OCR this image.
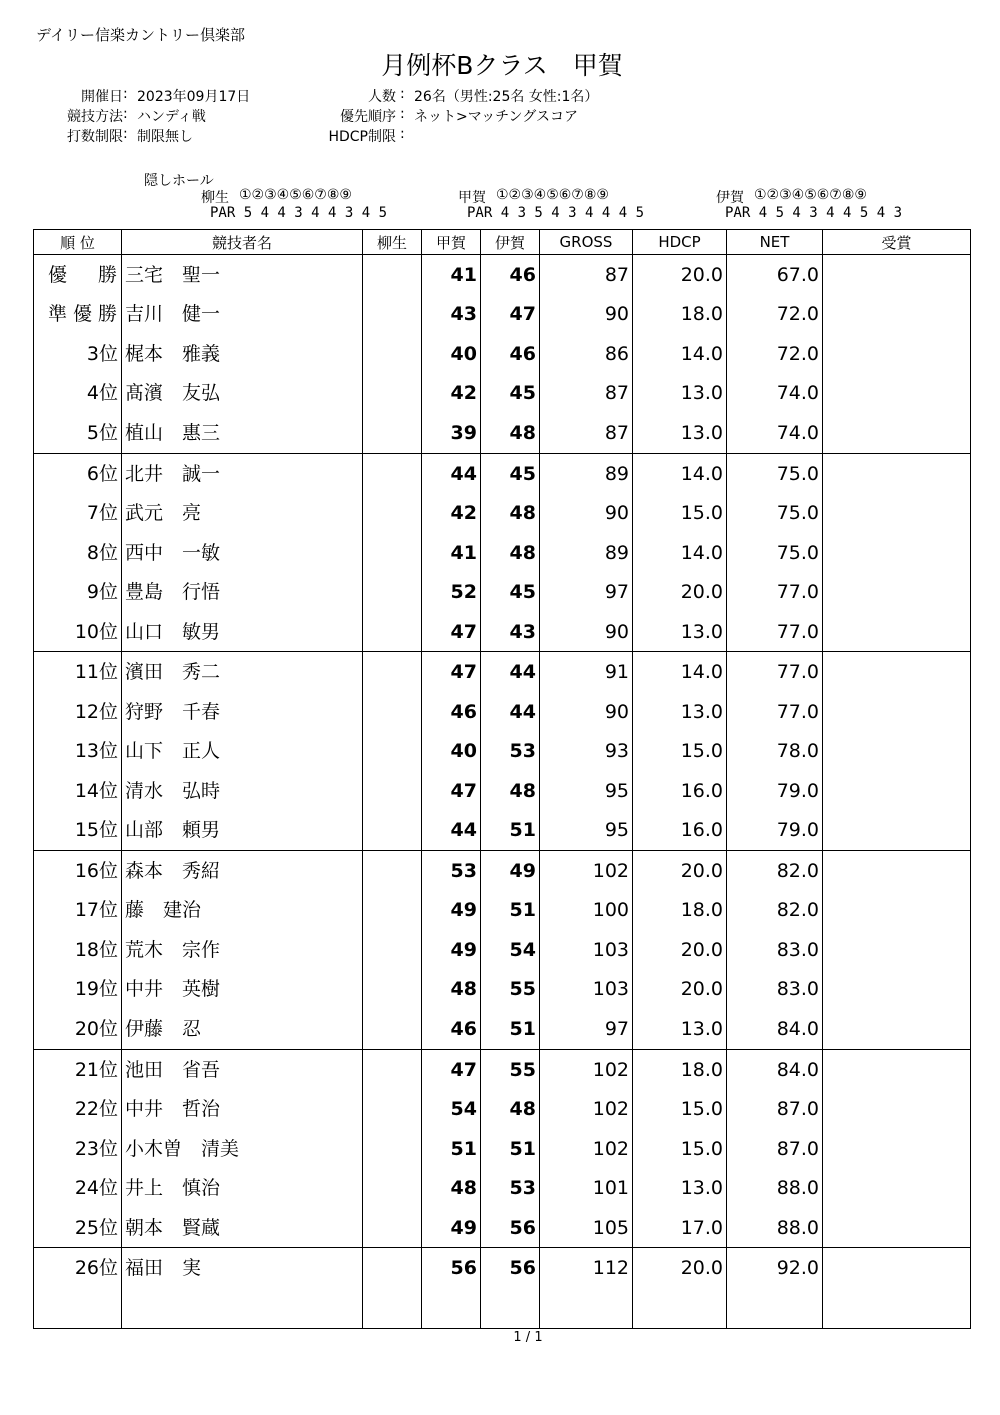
デイリー信楽カントリー倶楽部
月例杯Bクラス　甲賀
開催日 : 2023年09月17日
競技方法 : ハンディ戦
打数制限 : 制限無し
人数 : 26名（男性:25名 女性:1名）
優先順序 : ネット>マッチングスコア
HDCP制限 :
隠しホール
柳生 ①②③④⑤⑥⑦⑧⑨
PAR 5 4 4 3 4 4 3 4 5
甲賀 ①②③④⑤⑥⑦⑧⑨
PAR 4 3 5 4 3 4 4 4 5
伊賀 ①②③④⑤⑥⑦⑧⑨
PAR 4 5 4 3 4 4 5 4 3
順 位	競技者名	柳生	甲賀	伊賀	GROSS	HDCP	NET	受賞
優　勝	三宅　聖一		41	46	87	20.0	67.0	
準優勝	吉川　健一		43	47	90	18.0	72.0	
3位	梶本　雅義		40	46	86	14.0	72.0	
4位	髙濱　友弘		42	45	87	13.0	74.0	
5位	植山　惠三		39	48	87	13.0	74.0	
6位	北井　誠一		44	45	89	14.0	75.0	
7位	武元　亮		42	48	90	15.0	75.0	
8位	西中　一敏		41	48	89	14.0	75.0	
9位	豊島　行悟		52	45	97	20.0	77.0	
10位	山口　敏男		47	43	90	13.0	77.0	
11位	濱田　秀二		47	44	91	14.0	77.0	
12位	狩野　千春		46	44	90	13.0	77.0	
13位	山下　正人		40	53	93	15.0	78.0	
14位	清水　弘時		47	48	95	16.0	79.0	
15位	山部　頼男		44	51	95	16.0	79.0	
16位	森本　秀紹		53	49	102	20.0	82.0	
17位	藤　建治		49	51	100	18.0	82.0	
18位	荒木　宗作		49	54	103	20.0	83.0	
19位	中井　英樹		48	55	103	20.0	83.0	
20位	伊藤　忍		46	51	97	13.0	84.0	
21位	池田　省吾		47	55	102	18.0	84.0	
22位	中井　哲治		54	48	102	15.0	87.0	
23位	小木曽　清美		51	51	102	15.0	87.0	
24位	井上　慎治		48	53	101	13.0	88.0	
25位	朝本　賢蔵		49	56	105	17.0	88.0	
26位	福田　実		56	56	112	20.0	92.0	

1 / 1
